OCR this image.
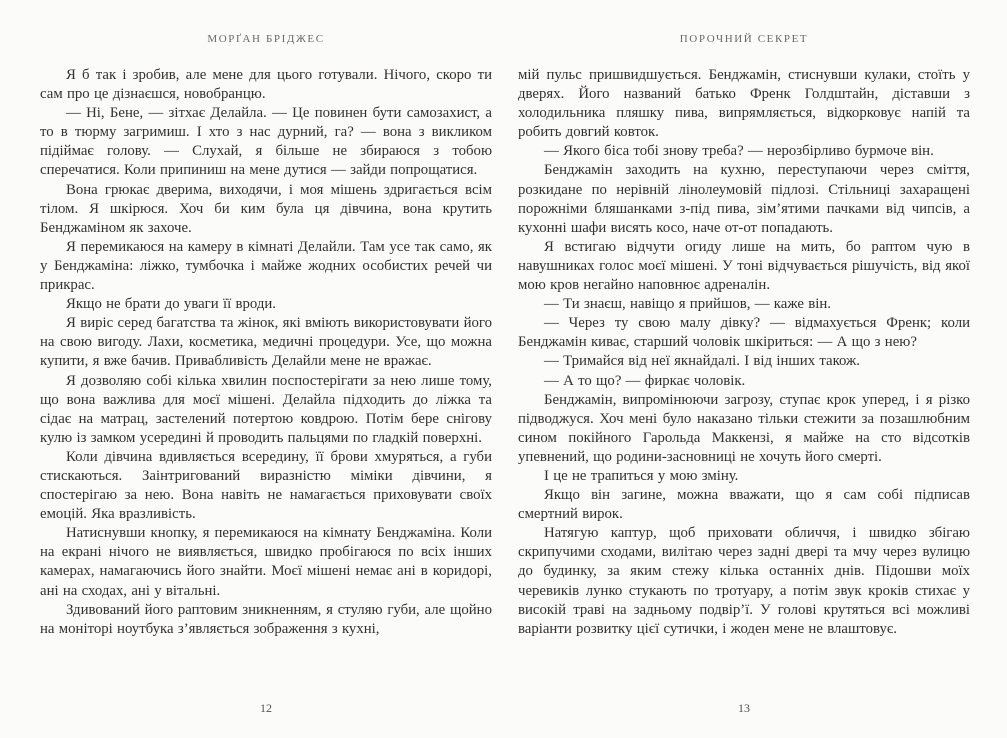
МОРҐАН БРІДЖЕС

Я б так і зробив, але мене для цього готували. Нічого, скоро ти сам про це дізнаєшся, новобранцю.

— Ні, Бене, — зітхає Делайла. — Це повинен бути самозахист, а то в тюрму загримиш. І хто з нас дурний, га? — вона з викликом підіймає голову. — Слухай, я більше не збираюся з тобою сперечатися. Коли припиниш на мене дутися — зайди попрощатися.

Вона грюкає дверима, виходячи, і моя мішень здригається всім тілом. Я шкірюся. Хоч би ким була ця дівчина, вона крутить Бенджаміном як захоче.

Я перемикаюся на камеру в кімнаті Делайли. Там усе так само, як у Бенджаміна: ліжко, тумбочка і майже жодних особистих речей чи прикрас.

Якщо не брати до уваги її вроди.

Я виріс серед багатства та жінок, які вміють використовувати його на свою вигоду. Лахи, косметика, медичні процедури. Усе, що можна купити, я вже бачив. Привабливість Делайли мене не вражає.

Я дозволяю собі кілька хвилин поспостерігати за нею лише тому, що вона важлива для моєї мішені. Делайла підходить до ліжка та сідає на матрац, застелений потертою ковдрою. Потім бере снігову кулю із замком усередині й проводить пальцями по гладкій поверхні.

Коли дівчина вдивляється всередину, її брови хмуряться, а губи стискаються. Заінтригований виразністю міміки дівчини, я спостерігаю за нею. Вона навіть не намагається приховувати своїх емоцій. Яка вразливість.

Натиснувши кнопку, я перемикаюся на кімнату Бенджаміна. Коли на екрані нічого не виявляється, швидко пробігаюся по всіх інших камерах, намагаючись його знайти. Моєї мішені немає ані в коридорі, ані на сходах, ані у вітальні.

Здивований його раптовим зникненням, я стуляю губи, але щойно на моніторі ноутбука з’являється зображення з кухні,

12
ПОРОЧНИЙ СЕКРЕТ

мій пульс пришвидшується. Бенджамін, стиснувши кулаки, стоїть у дверях. Його названий батько Френк Голдштайн, діставши з холодильника пляшку пива, випрямляється, відкорковує напій та робить довгий ковток.

— Якого біса тобі знову треба? — нерозбірливо бурмоче він.

Бенджамін заходить на кухню, переступаючи через сміття, розкидане по нерівній лінолеумовій підлозі. Стільниці захаращені порожніми бляшанками з-під пива, зім’ятими пачками від чипсів, а кухонні шафи висять косо, наче от-от попадають.

Я встигаю відчути огиду лише на мить, бо раптом чую в навушниках голос моєї мішені. У тоні відчувається рішучість, від якої мою кров негайно наповнює адреналін.

— Ти знаєш, навіщо я прийшов, — каже він.

— Через ту свою малу дівку? — відмахується Френк; коли Бенджамін киває, старший чоловік шкіриться: — А що з нею?

— Тримайся від неї якнайдалі. І від інших також.

— А то що? — фиркає чоловік.

Бенджамін, випромінюючи загрозу, ступає крок уперед, і я різко підводжуся. Хоч мені було наказано тільки стежити за позашлюбним сином покійного Гарольда Маккензі, я майже на сто відсотків упевнений, що родини-засновниці не хочуть його смерті.

І це не трапиться у мою зміну.

Якщо він загине, можна вважати, що я сам собі підписав смертний вирок.

Натягую каптур, щоб приховати обличчя, і швидко збігаю скрипучими сходами, вилітаю через задні двері та мчу через вулицю до будинку, за яким стежу кілька останніх днів. Підошви моїх черевиків лунко стукають по тротуару, а потім звук кроків стихає у високій траві на задньому подвір’ї. У голові крутяться всі можливі варіанти розвитку цієї сутички, і жоден мене не влаштовує.

13
